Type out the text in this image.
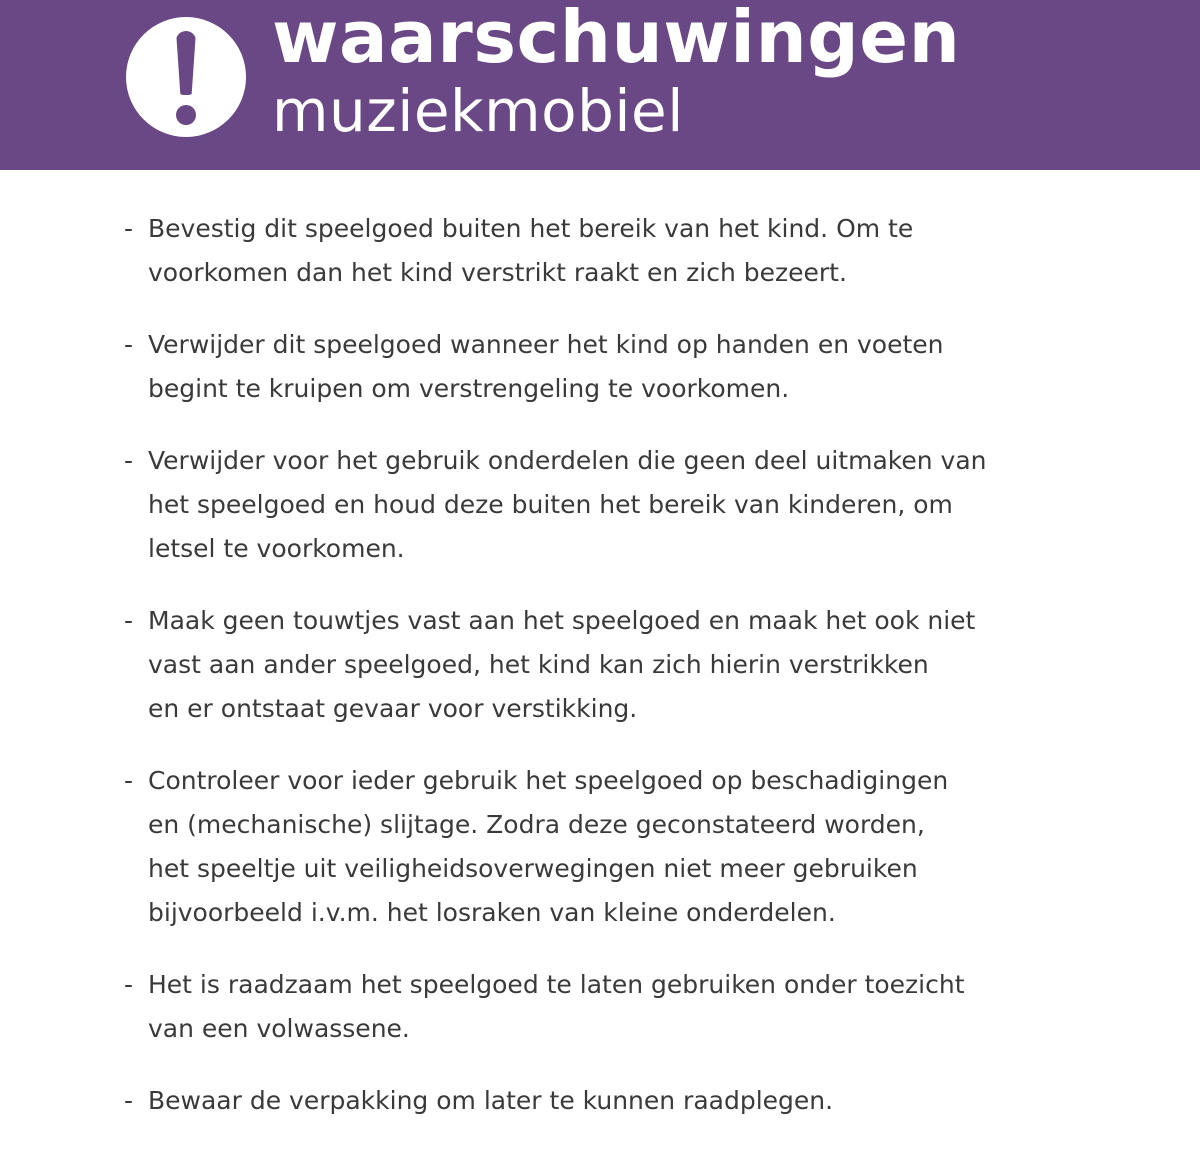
waarschuwingen

muziekmobiel

- Bevestig dit speelgoed buiten het bereik van het kind. Om te
voorkomen dan het kind verstrikt raakt en zich bezeert.
- Verwijder dit speelgoed wanneer het kind op handen en voeten
begint te kruipen om verstrengeling te voorkomen.
- Verwijder voor het gebruik onderdelen die geen deel uitmaken van
het speelgoed en houd deze buiten het bereik van kinderen, om
letsel te voorkomen.
- Maak geen touwtjes vast aan het speelgoed en maak het ook niet
vast aan ander speelgoed, het kind kan zich hierin verstrikken
en er ontstaat gevaar voor verstikking.
- Controleer voor ieder gebruik het speelgoed op beschadigingen
en (mechanische) slijtage. Zodra deze geconstateerd worden,
het speeltje uit veiligheidsoverwegingen niet meer gebruiken
bijvoorbeeld i.v.m. het losraken van kleine onderdelen.
- Het is raadzaam het speelgoed te laten gebruiken onder toezicht
van een volwassene.
- Bewaar de verpakking om later te kunnen raadplegen.
